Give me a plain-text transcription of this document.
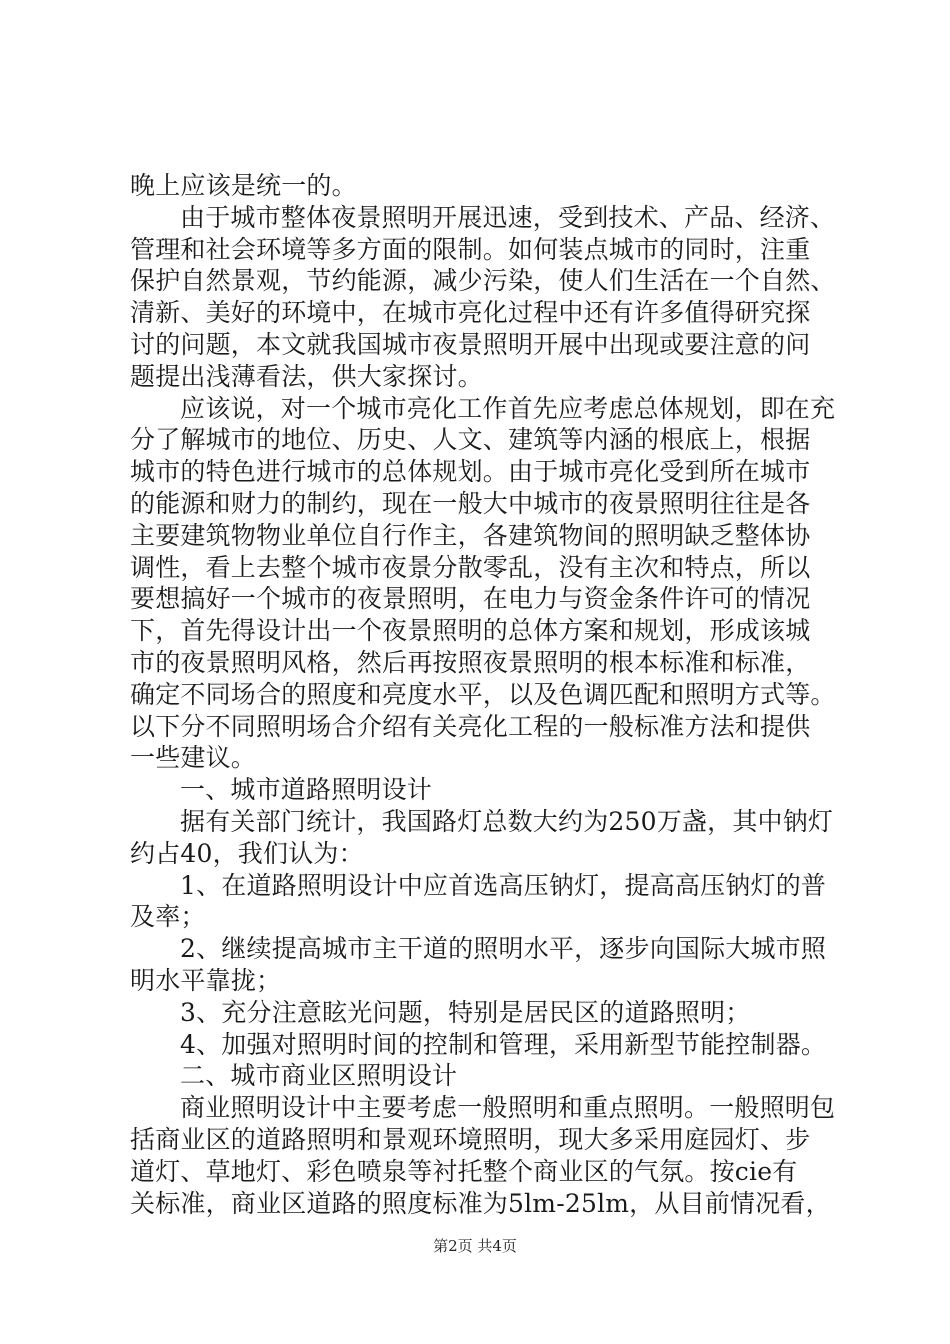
晚上应该是统一的。
由于城市整体夜景照明开展迅速，受到技术、产品、经济、
管理和社会环境等多方面的限制。如何装点城市的同时，注重
保护自然景观，节约能源，减少污染，使人们生活在一个自然、
清新、美好的环境中，在城市亮化过程中还有许多值得研究探
讨的问题，本文就我国城市夜景照明开展中出现或要注意的问
题提出浅薄看法，供大家探讨。
应该说，对一个城市亮化工作首先应考虑总体规划，即在充
分了解城市的地位、历史、人文、建筑等内涵的根底上，根据
城市的特色进行城市的总体规划。由于城市亮化受到所在城市
的能源和财力的制约，现在一般大中城市的夜景照明往往是各
主要建筑物物业单位自行作主，各建筑物间的照明缺乏整体协
调性，看上去整个城市夜景分散零乱，没有主次和特点，所以
要想搞好一个城市的夜景照明，在电力与资金条件许可的情况
下，首先得设计出一个夜景照明的总体方案和规划，形成该城
市的夜景照明风格，然后再按照夜景照明的根本标准和标准，
确定不同场合的照度和亮度水平，以及色调匹配和照明方式等。
以下分不同照明场合介绍有关亮化工程的一般标准方法和提供
一些建议。
一、城市道路照明设计
据有关部门统计，我国路灯总数大约为250万盏，其中钠灯
约占40，我们认为：
1、在道路照明设计中应首选高压钠灯，提高高压钠灯的普
及率；
2、继续提高城市主干道的照明水平，逐步向国际大城市照
明水平靠拢；
3、充分注意眩光问题，特别是居民区的道路照明；
4、加强对照明时间的控制和管理，采用新型节能控制器。
二、城市商业区照明设计
商业照明设计中主要考虑一般照明和重点照明。一般照明包
括商业区的道路照明和景观环境照明，现大多采用庭园灯、步
道灯、草地灯、彩色喷泉等衬托整个商业区的气氛。按cie有
关标准，商业区道路的照度标准为5lm-25lm，从目前情况看，
第2页 共4页
